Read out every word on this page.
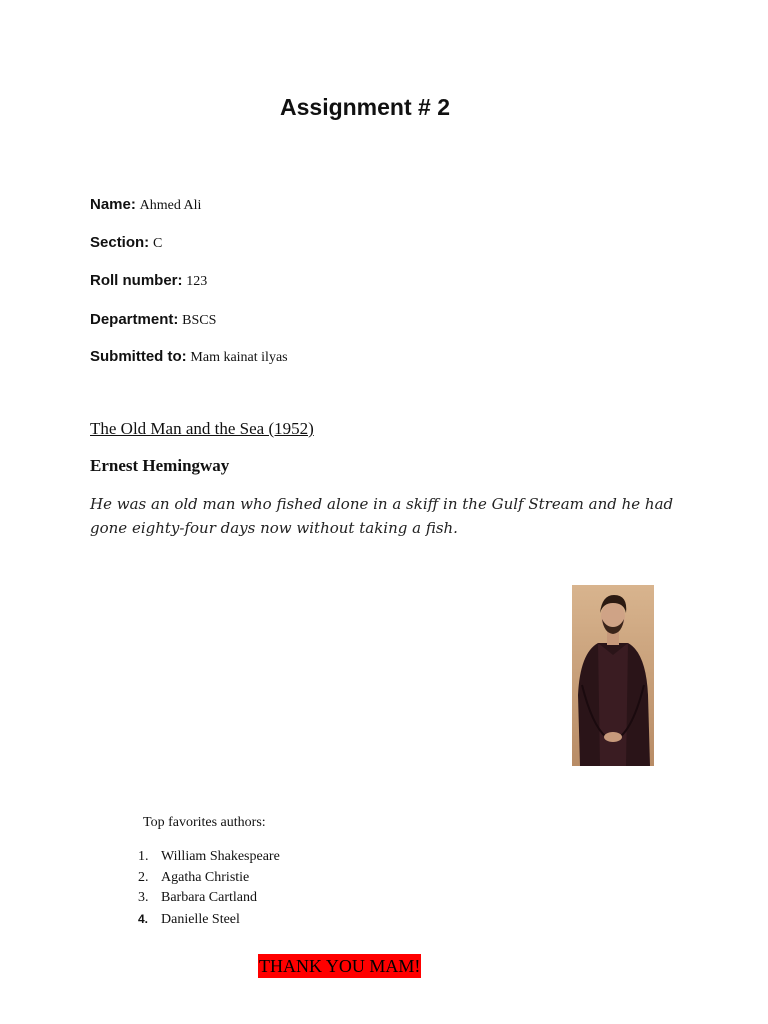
Assignment # 2
Name: Ahmed Ali
Section: C
Roll number: 123
Department: BSCS
Submitted to: Mam kainat ilyas
The Old Man and the Sea (1952)
Ernest Hemingway
He was an old man who fished alone in a skiff in the Gulf Stream and he had gone eighty-four days now without taking a fish.
Top favorites authors:
1. William Shakespeare
2. Agatha Christie
3. Barbara Cartland
4. Danielle Steel
THANK YOU MAM!
